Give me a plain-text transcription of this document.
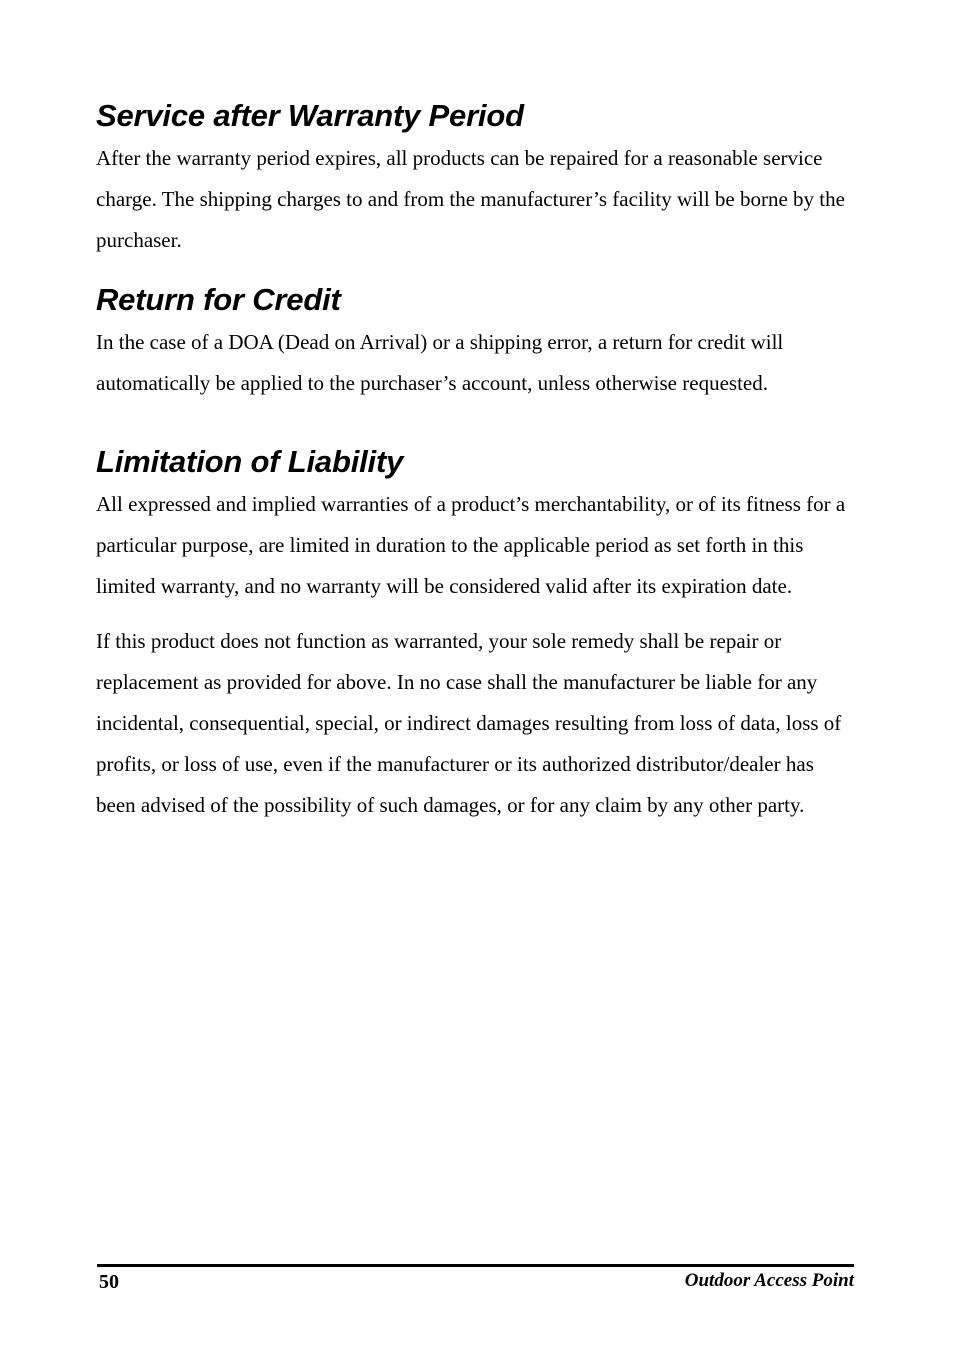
Service after Warranty Period

After the warranty period expires, all products can be repaired for a reasonable service charge. The shipping charges to and from the manufacturer’s facility will be borne by the purchaser.

Return for Credit

In the case of a DOA (Dead on Arrival) or a shipping error, a return for credit will automatically be applied to the purchaser’s account, unless otherwise requested.

Limitation of Liability

All expressed and implied warranties of a product’s merchantability, or of its fitness for a particular purpose, are limited in duration to the applicable period as set forth in this limited warranty, and no warranty will be considered valid after its expiration date.

If this product does not function as warranted, your sole remedy shall be repair or replacement as provided for above. In no case shall the manufacturer be liable for any incidental, consequential, special, or indirect damages resulting from loss of data, loss of profits, or loss of use, even if the manufacturer or its authorized distributor/dealer has been advised of the possibility of such damages, or for any claim by any other party.

50	Outdoor Access Point
